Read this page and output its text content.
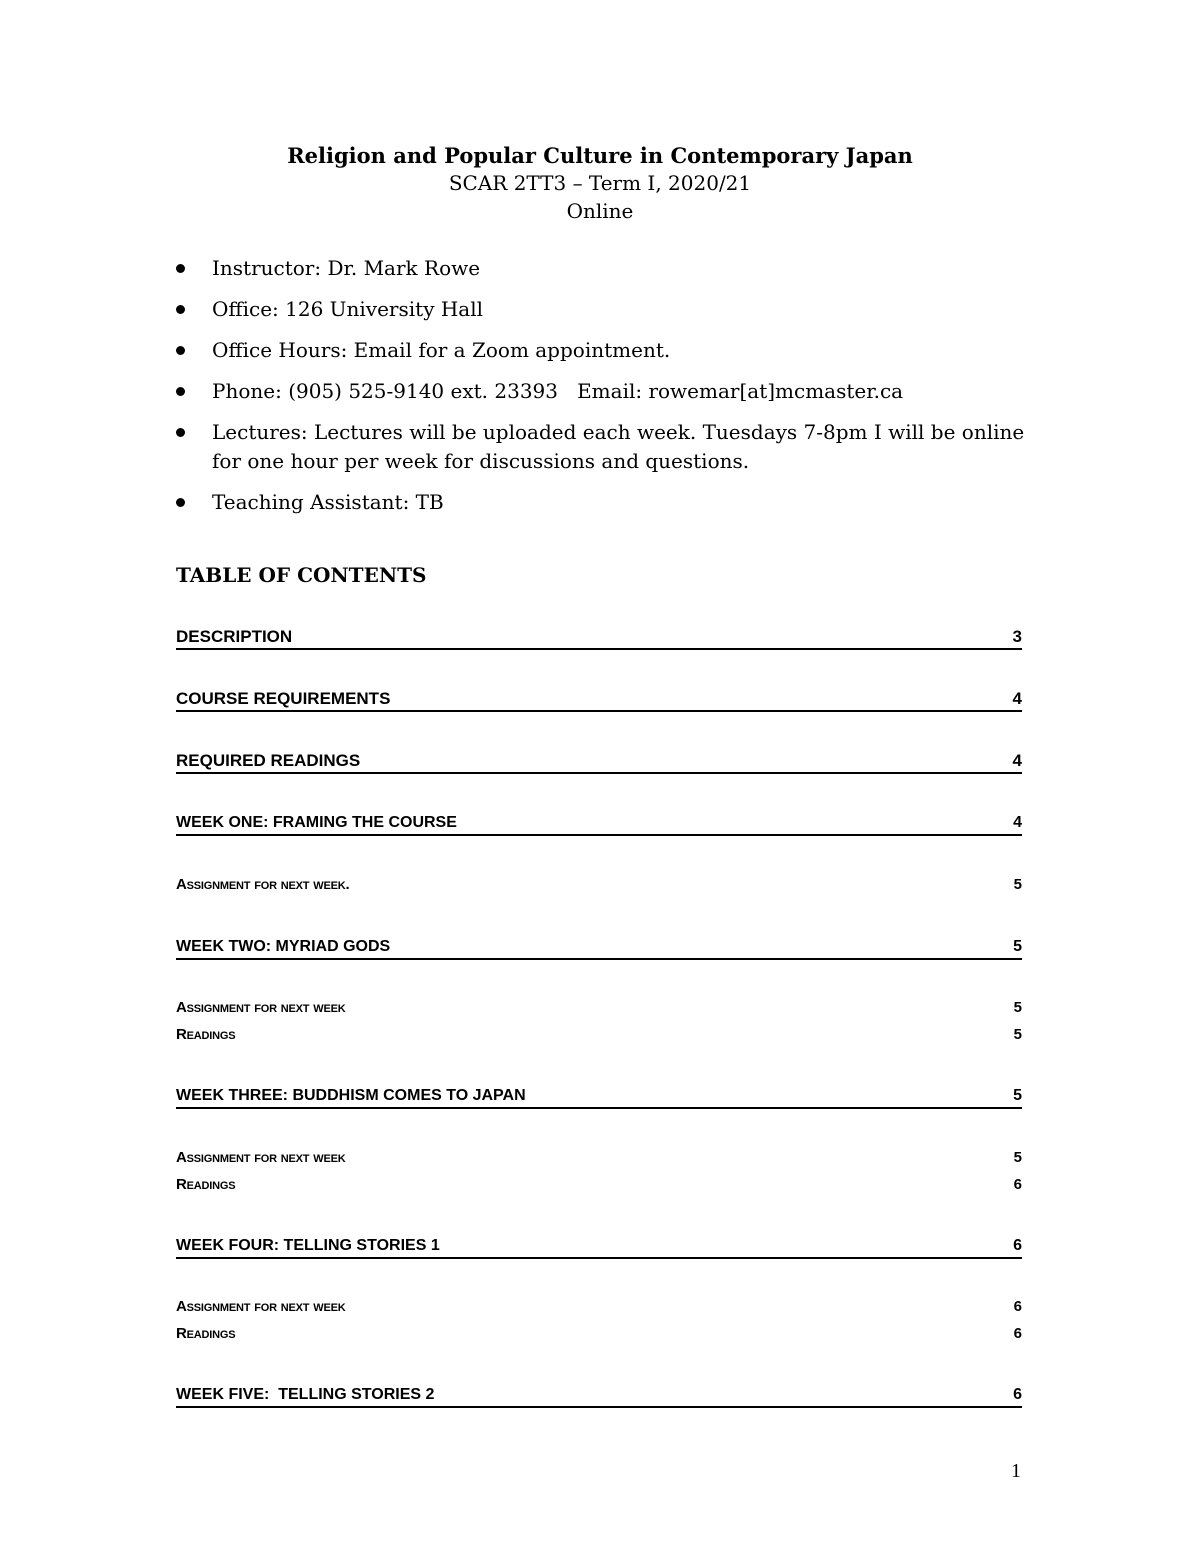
Religion and Popular Culture in Contemporary Japan
SCAR 2TT3 – Term I, 2020/21
Online
Instructor: Dr. Mark Rowe
Office: 126 University Hall
Office Hours: Email for a Zoom appointment.
Phone: (905) 525-9140 ext. 23393   Email: rowemar[at]mcmaster.ca
Lectures: Lectures will be uploaded each week. Tuesdays 7-8pm I will be online for one hour per week for discussions and questions.
Teaching Assistant: TB
TABLE OF CONTENTS
DESCRIPTION	3
COURSE REQUIREMENTS	4
REQUIRED READINGS	4
WEEK ONE: FRAMING THE COURSE	4
Assignment for next week.	5
WEEK TWO: MYRIAD GODS	5
Assignment for next week	5
Readings	5
WEEK THREE: BUDDHISM COMES TO JAPAN	5
Assignment for next week	5
Readings	6
WEEK FOUR: TELLING STORIES 1	6
Assignment for next week	6
Readings	6
WEEK FIVE:  TELLING STORIES 2	6
1
